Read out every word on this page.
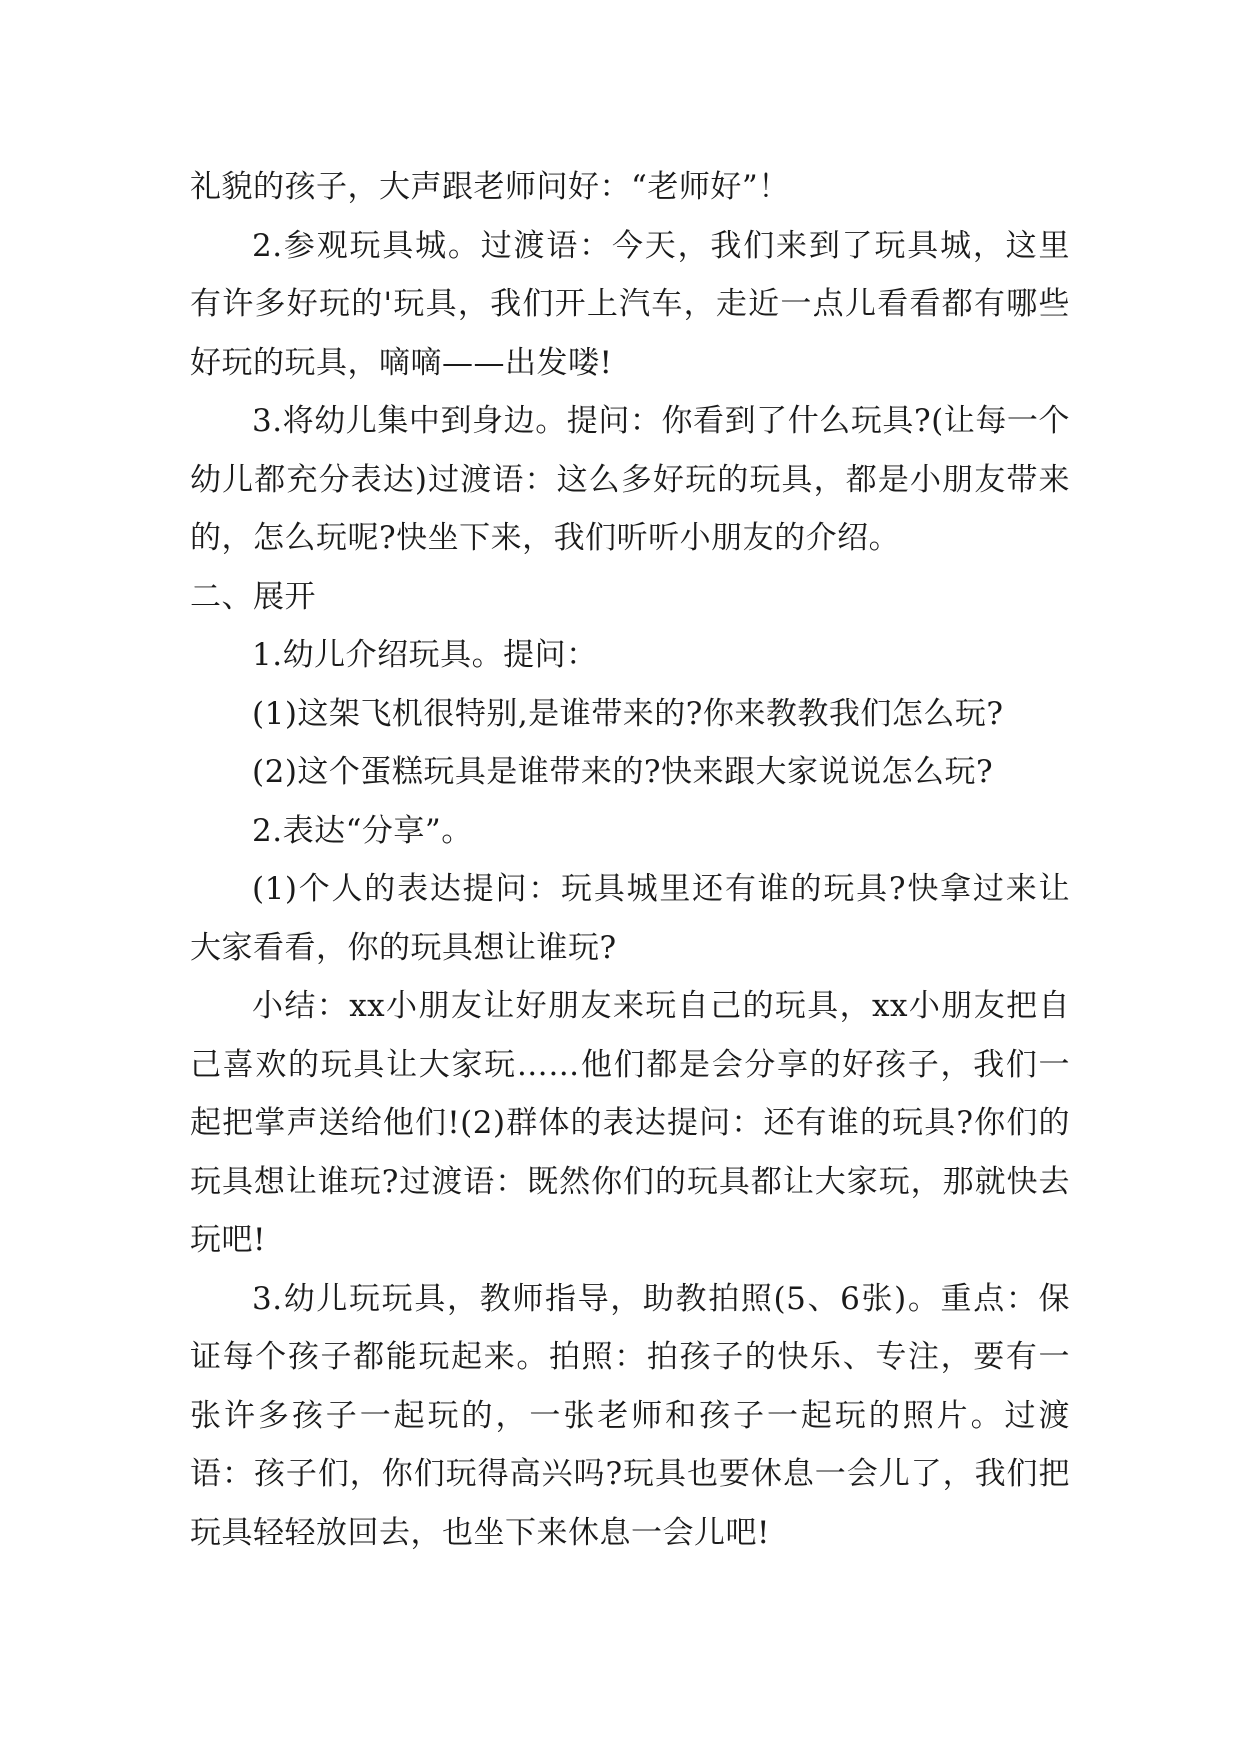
礼貌的孩子，大声跟老师问好：“老师好”！

2.参观玩具城。过渡语：今天，我们来到了玩具城，这里有许多好玩的'玩具，我们开上汽车，走近一点儿看看都有哪些好玩的玩具，嘀嘀——出发喽!

3.将幼儿集中到身边。提问：你看到了什么玩具?(让每一个幼儿都充分表达)过渡语：这么多好玩的玩具，都是小朋友带来的，怎么玩呢?快坐下来，我们听听小朋友的介绍。

二、展开

1.幼儿介绍玩具。提问：

(1)这架飞机很特别,是谁带来的?你来教教我们怎么玩?

(2)这个蛋糕玩具是谁带来的?快来跟大家说说怎么玩?

2.表达“分享”。

(1)个人的表达提问：玩具城里还有谁的玩具?快拿过来让大家看看，你的玩具想让谁玩?

小结：xx小朋友让好朋友来玩自己的玩具，xx小朋友把自己喜欢的玩具让大家玩……他们都是会分享的好孩子，我们一起把掌声送给他们!(2)群体的表达提问：还有谁的玩具?你们的玩具想让谁玩?过渡语：既然你们的玩具都让大家玩，那就快去玩吧!

3.幼儿玩玩具，教师指导，助教拍照(5、6张)。重点：保证每个孩子都能玩起来。拍照：拍孩子的快乐、专注，要有一张许多孩子一起玩的，一张老师和孩子一起玩的照片。过渡语：孩子们，你们玩得高兴吗?玩具也要休息一会儿了，我们把玩具轻轻放回去，也坐下来休息一会儿吧!
